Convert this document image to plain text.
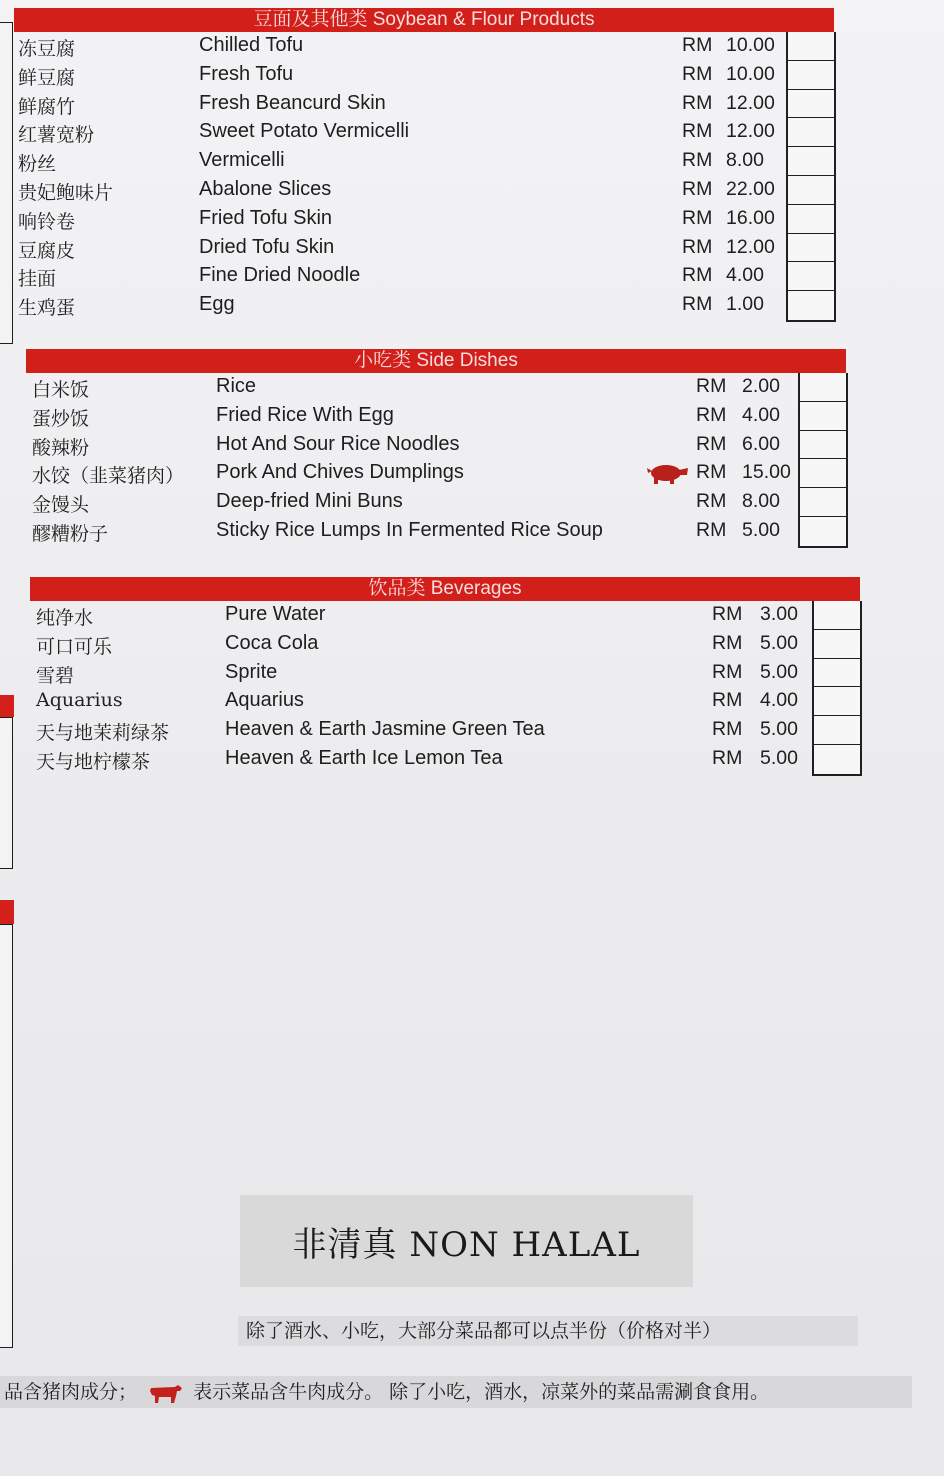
豆面及其他类 Soybean & Flour Products
冻豆腐	Chilled Tofu	RM 10.00
鲜豆腐	Fresh Tofu	RM 10.00
鲜腐竹	Fresh Beancurd Skin	RM 12.00
红薯宽粉	Sweet Potato Vermicelli	RM 12.00
粉丝	Vermicelli	RM 8.00
贵妃鲍味片	Abalone Slices	RM 22.00
响铃卷	Fried Tofu Skin	RM 16.00
豆腐皮	Dried Tofu Skin	RM 12.00
挂面	Fine Dried Noodle	RM 4.00
生鸡蛋	Egg	RM 1.00
小吃类 Side Dishes
白米饭	Rice	RM 2.00
蛋炒饭	Fried Rice With Egg	RM 4.00
酸辣粉	Hot And Sour Rice Noodles	RM 6.00
水饺（韭菜猪肉） Pork And Chives Dumplings	RM 15.00
金馒头	Deep-fried Mini Buns	RM 8.00
醪糟粉子	Sticky Rice Lumps In Fermented Rice Soup	RM 5.00
饮品类 Beverages
纯净水	Pure Water	RM 3.00
可口可乐	Coca Cola	RM 5.00
雪碧	Sprite	RM 5.00
Aquarius	Aquarius	RM 4.00
天与地茉莉绿茶	Heaven & Earth Jasmine Green Tea	RM 5.00
天与地柠檬茶	Heaven & Earth Ice Lemon Tea	RM 5.00
非清真 NON HALAL
除了酒水、小吃，大部分菜品都可以点半份（价格对半）
品含猪肉成分；	表示菜品含牛肉成分。 除了小吃，酒水，凉菜外的菜品需涮食食用。
